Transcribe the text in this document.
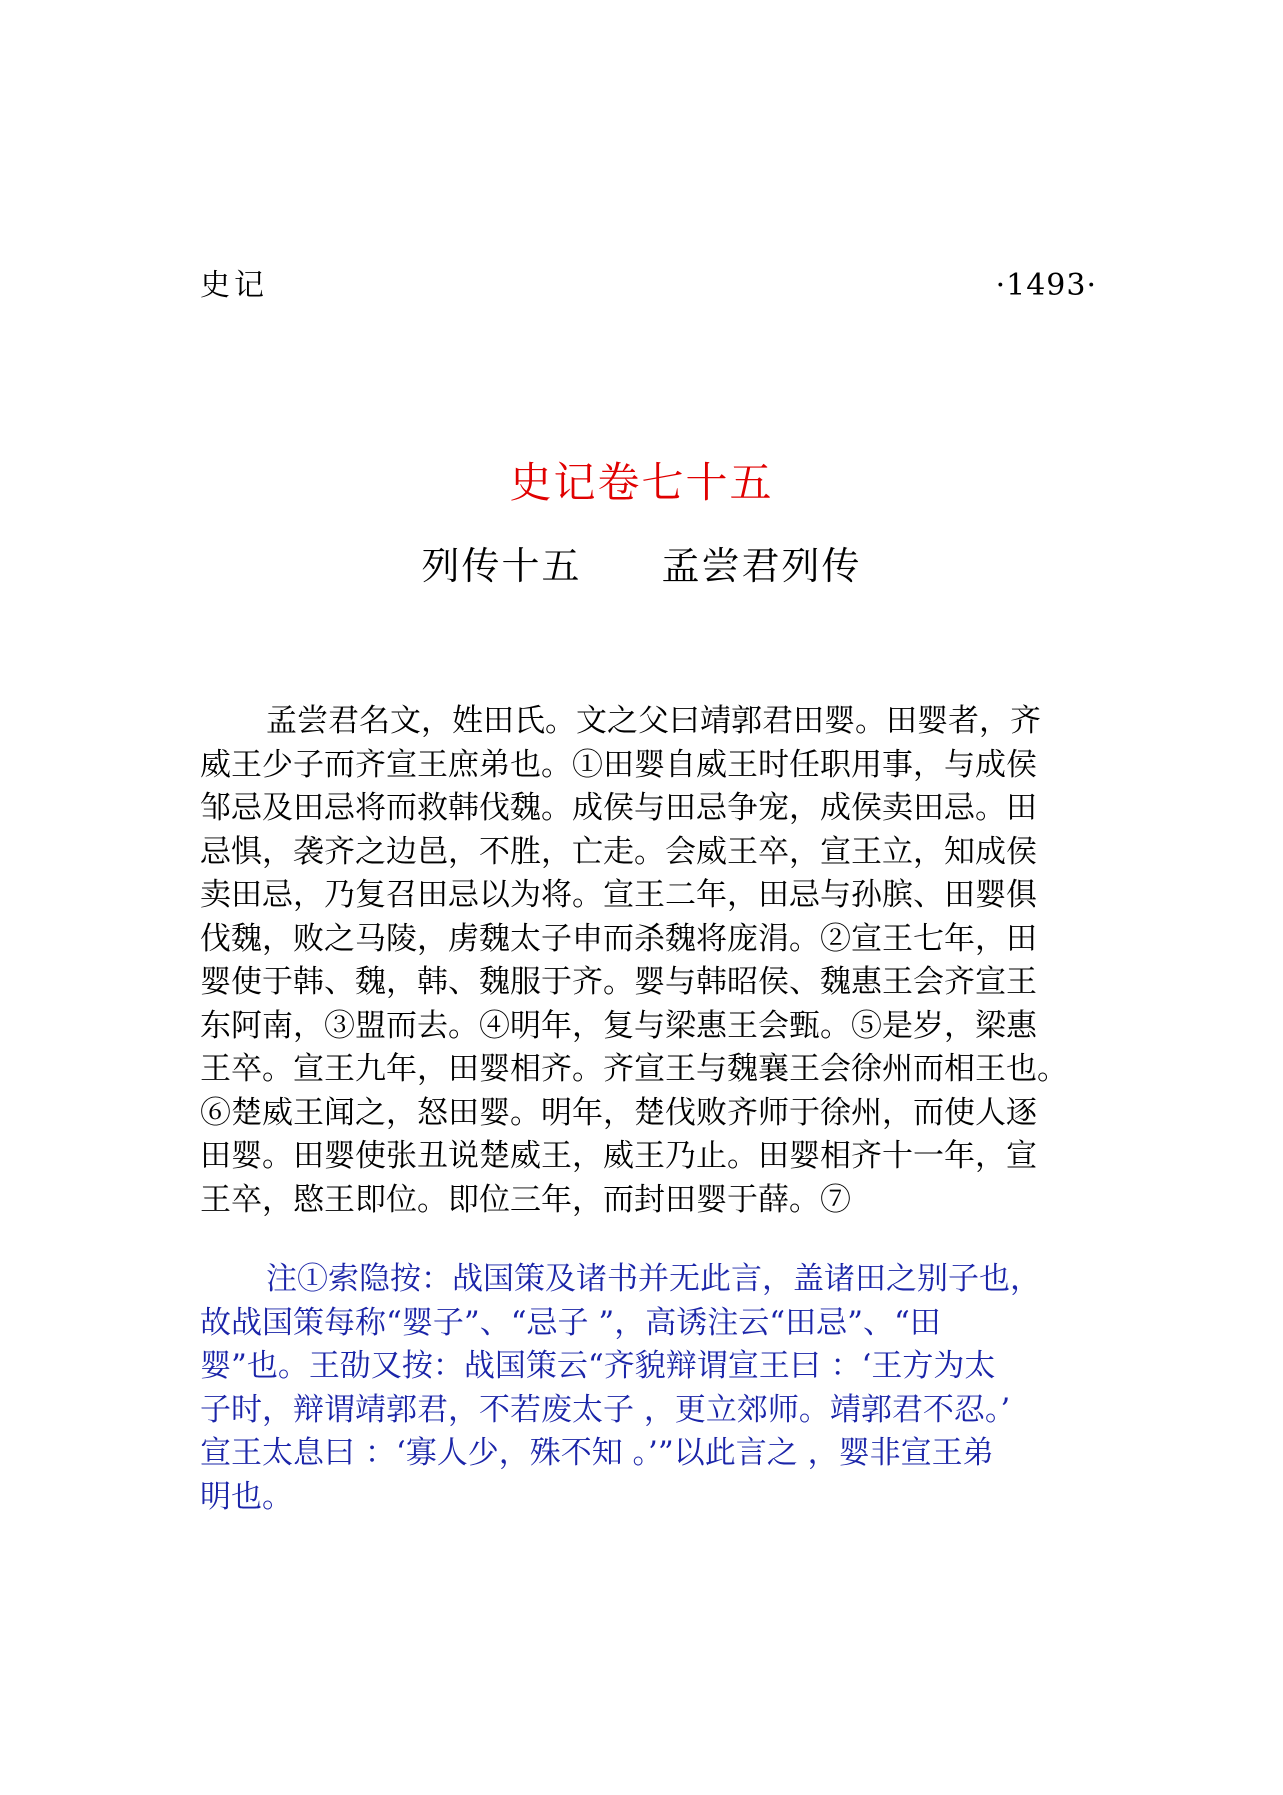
史记	·1493·
史记卷七十五
列传十五 孟尝君列传
孟尝君名文，姓田氏。文之父曰靖郭君田婴。田婴者，齐
威王少子而齐宣王庶弟也。①田婴自威王时任职用事，与成侯
邹忌及田忌将而救韩伐魏。成侯与田忌争宠，成侯卖田忌。田
忌惧，袭齐之边邑，不胜，亡走。会威王卒，宣王立，知成侯
卖田忌，乃复召田忌以为将。宣王二年，田忌与孙膑、田婴俱
伐魏，败之马陵，虏魏太子申而杀魏将庞涓。②宣王七年，田
婴使于韩、魏，韩、魏服于齐。婴与韩昭侯、魏惠王会齐宣王
东阿南，③盟而去。④明年，复与梁惠王会甄。⑤是岁，梁惠
王卒。宣王九年，田婴相齐。齐宣王与魏襄王会徐州而相王也。
⑥楚威王闻之，怒田婴。明年，楚伐败齐师于徐州，而使人逐
田婴。田婴使张丑说楚威王，威王乃止。田婴相齐十一年，宣
王卒，愍王即位。即位三年，而封田婴于薛。⑦
注①索隐按：战国策及诸书并无此言，盖诸田之别子也，
故战国策每称“婴子”、“忌子 ”，高诱注云“田忌”、“田
婴”也。王劭又按：战国策云“齐貌辩谓宣王曰 ：‘王方为太
子时，辩谓靖郭君，不若废太子 ，更立郊师。靖郭君不忍。’
宣王太息曰 ：‘寡人少，殊不知 。’”以此言之 ，婴非宣王弟
明也。
